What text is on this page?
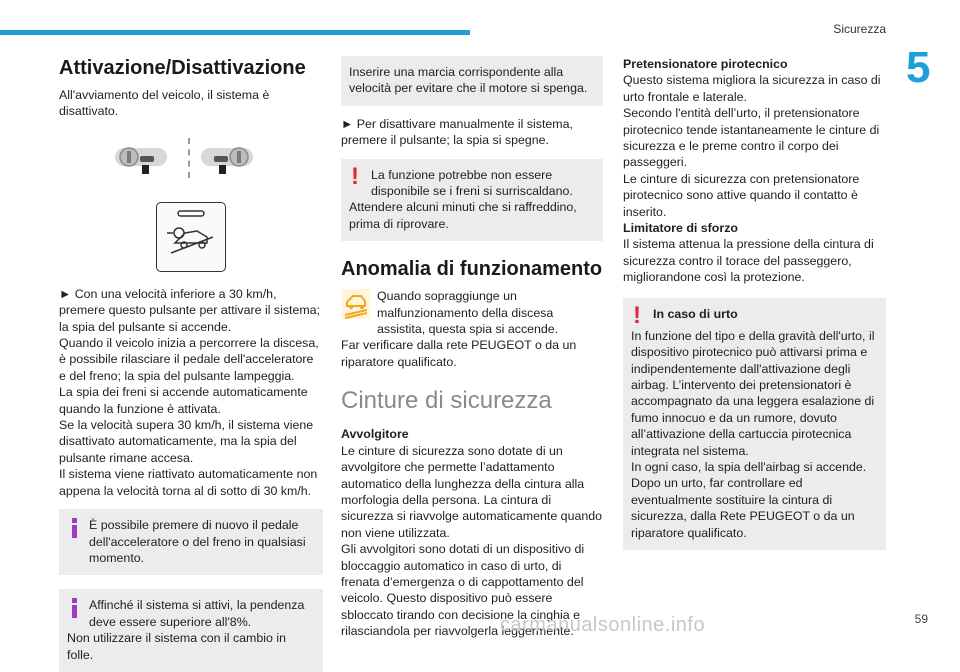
Sicurezza
5
Attivazione/Disattivazione

All'avviamento del veicolo, il sistema è disattivato.

► Con una velocità inferiore a 30 km/h, premere questo pulsante per attivare il sistema; la spia del pulsante si accende.

Quando il veicolo inizia a percorrere la discesa, è possibile rilasciare il pedale dell'acceleratore e del freno; la spia del pulsante lampeggia.

La spia dei freni si accende automaticamente quando la funzione è attivata.

Se la velocità supera 30 km/h, il sistema viene disattivato automaticamente, ma la spia del pulsante rimane accesa.

Il sistema viene riattivato automaticamente non appena la velocità torna al di sotto di 30 km/h.

È possibile premere di nuovo il pedale dell'acceleratore o del freno in qualsiasi momento.

Affinché il sistema si attivi, la pendenza deve essere superiore all'8%.

Non utilizzare il sistema con il cambio in folle.

Inserire una marcia corrispondente alla velocità per evitare che il motore si spenga.

► Per disattivare manualmente il sistema, premere il pulsante; la spia si spegne.

! La funzione potrebbe non essere disponibile se i freni si surriscaldano.

Attendere alcuni minuti che si raffreddino, prima di riprovare.

Anomalia di funzionamento

Quando sopraggiunge un malfunzionamento della discesa assistita, questa spia si accende.

Far verificare dalla rete PEUGEOT o da un riparatore qualificato.

Cinture di sicurezza

Avvolgitore

Le cinture di sicurezza sono dotate di un avvolgitore che permette l’adattamento automatico della lunghezza della cintura alla morfologia della persona. La cintura di sicurezza si riavvolge automaticamente quando non viene utilizzata.

Gli avvolgitori sono dotati di un dispositivo di bloccaggio automatico in caso di urto, di frenata d’emergenza o di cappottamento del veicolo. Questo dispositivo può essere sbloccato tirando con decisione la cinghia e rilasciandola per riavvolgerla leggermente.

Pretensionatore pirotecnico

Questo sistema migliora la sicurezza in caso di urto frontale e laterale.

Secondo l'entità dell’urto, il pretensionatore pirotecnico tende istantaneamente le cinture di sicurezza e le preme contro il corpo dei passeggeri.

Le cinture di sicurezza con pretensionatore pirotecnico sono attive quando il contatto è inserito.

Limitatore di sforzo

Il sistema attenua la pressione della cintura di sicurezza contro il torace del passeggero, migliorandone così la protezione.

! In caso di urto

In funzione del tipo e della gravità dell'urto, il dispositivo pirotecnico può attivarsi prima e indipendentemente dall'attivazione degli airbag. L’intervento dei pretensionatori è accompagnato da una leggera esalazione di fumo innocuo e da un rumore, dovuto all’attivazione della cartuccia pirotecnica integrata nel sistema.

In ogni caso, la spia dell'airbag si accende.

Dopo un urto, far controllare ed eventualmente sostituire la cintura di sicurezza, dalla Rete PEUGEOT o da un riparatore qualificato.

carmanualsonline.info	59
